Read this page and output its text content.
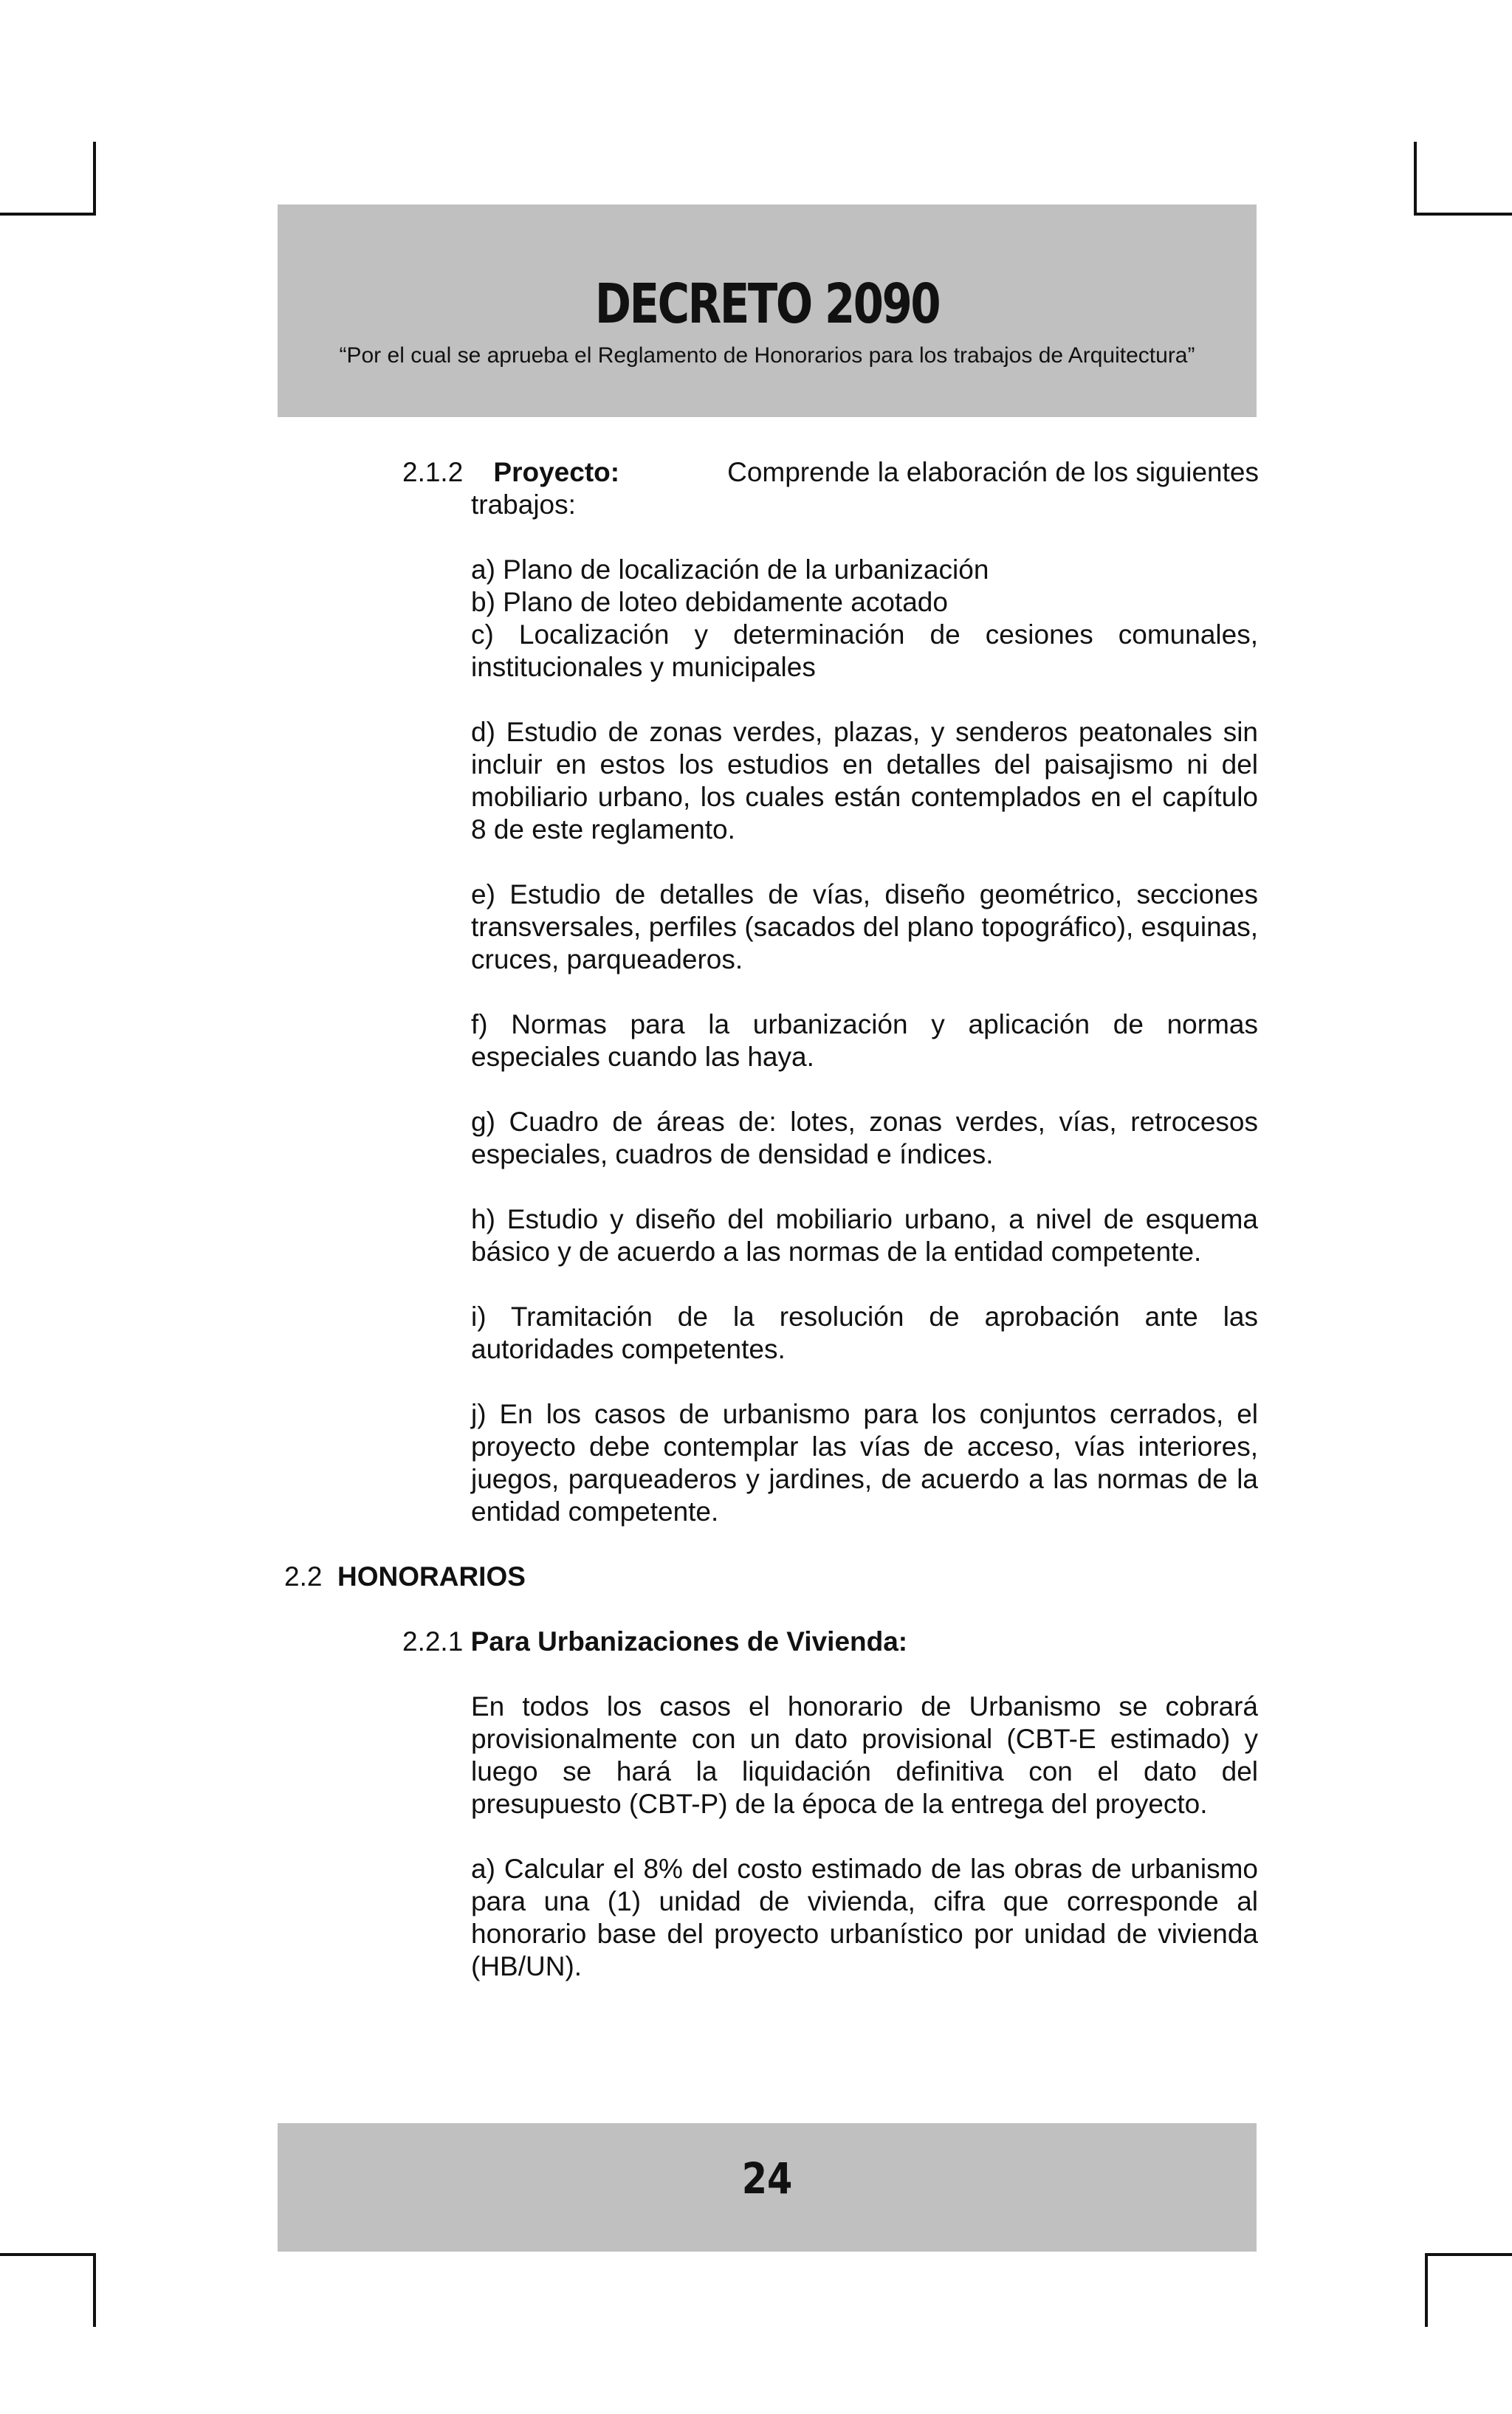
DECRETO 2090
“Por el cual se aprueba el Reglamento de Honorarios para los trabajos de Arquitectura”
2.1.2 Proyecto:	Comprende la elaboración de los siguientes
trabajos:

a) Plano de localización de la urbanización

b) Plano de loteo debidamente acotado

c) Localización y determinación de cesiones comunales, institucionales y municipales

d) Estudio de zonas verdes, plazas, y senderos peatonales sin incluir en estos los estudios en detalles del paisajismo ni del mobiliario urbano, los cuales están contemplados en el capítulo 8 de este reglamento.

e) Estudio de detalles de vías, diseño geométrico, secciones transversales, perfiles (sacados del plano topográfico), esquinas, cruces, parqueaderos.

f) Normas para la urbanización y aplicación de normas especiales cuando las haya.

g) Cuadro de áreas de: lotes, zonas verdes, vías, retrocesos especiales, cuadros de densidad e índices.

h) Estudio y diseño del mobiliario urbano, a nivel de esquema básico y de acuerdo a las normas de la entidad competente.

i) Tramitación de la resolución de aprobación ante las autoridades competentes.

j) En los casos de urbanismo para los conjuntos cerrados, el proyecto debe contemplar las vías de acceso, vías interiores, juegos, parqueaderos y jardines, de acuerdo a las normas de la entidad competente.

2.2 HONORARIOS
2.2.1 Para Urbanizaciones de Vivienda:

En todos los casos el honorario de Urbanismo se cobrará provisionalmente con un dato provisional (CBT-E estimado) y luego se hará la liquidación definitiva con el dato del presupuesto (CBT-P) de la época de la entrega del proyecto.

a) Calcular el 8% del costo estimado de las obras de urbanismo para una (1) unidad de vivienda, cifra que corresponde al honorario base del proyecto urbanístico por unidad de vivienda (HB/UN).

24
